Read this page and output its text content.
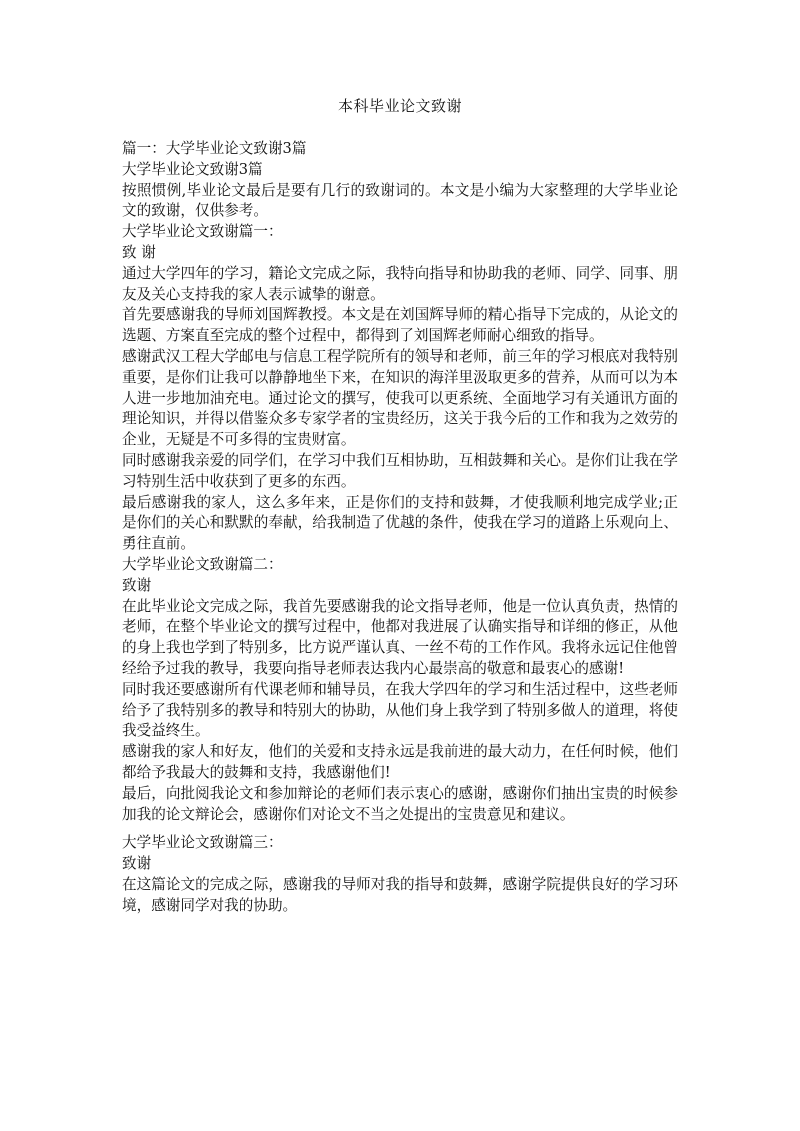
本科毕业论文致谢

篇一：大学毕业论文致谢3篇

大学毕业论文致谢3篇

按照惯例,毕业论文最后是要有几行的致谢词的。本文是小编为大家整理的大学毕业论文的致谢，仅供参考。

大学毕业论文致谢篇一：

致 谢

通过大学四年的学习，籍论文完成之际，我特向指导和协助我的老师、同学、同事、朋友及关心支持我的家人表示诚挚的谢意。

首先要感谢我的导师刘国辉教授。本文是在刘国辉导师的精心指导下完成的，从论文的选题、方案直至完成的整个过程中，都得到了刘国辉老师耐心细致的指导。

感谢武汉工程大学邮电与信息工程学院所有的领导和老师，前三年的学习根底对我特别重要，是你们让我可以静静地坐下来，在知识的海洋里汲取更多的营养，从而可以为本人进一步地加油充电。通过论文的撰写，使我可以更系统、全面地学习有关通讯方面的理论知识，并得以借鉴众多专家学者的宝贵经历，这关于我今后的工作和我为之效劳的企业，无疑是不可多得的宝贵财富。

同时感谢我亲爱的同学们，在学习中我们互相协助，互相鼓舞和关心。是你们让我在学习特别生活中收获到了更多的东西。

最后感谢我的家人，这么多年来，正是你们的支持和鼓舞，才使我顺利地完成学业;正是你们的关心和默默的奉献，给我制造了优越的条件，使我在学习的道路上乐观向上、勇往直前。

大学毕业论文致谢篇二：

致谢

在此毕业论文完成之际，我首先要感谢我的论文指导老师，他是一位认真负责，热情的老师，在整个毕业论文的撰写过程中，他都对我进展了认确实指导和详细的修正，从他的身上我也学到了特别多，比方说严谨认真、一丝不苟的工作作风。我将永远记住他曾经给予过我的教导，我要向指导老师表达我内心最崇高的敬意和最衷心的感谢!

同时我还要感谢所有代课老师和辅导员，在我大学四年的学习和生活过程中，这些老师给予了我特别多的教导和特别大的协助，从他们身上我学到了特别多做人的道理，将使我受益终生。

感谢我的家人和好友，他们的关爱和支持永远是我前进的最大动力，在任何时候，他们都给予我最大的鼓舞和支持，我感谢他们!

最后，向批阅我论文和参加辩论的老师们表示衷心的感谢，感谢你们抽出宝贵的时候参加我的论文辩论会，感谢你们对论文不当之处提出的宝贵意见和建议。

大学毕业论文致谢篇三：

致谢

在这篇论文的完成之际，感谢我的导师对我的指导和鼓舞，感谢学院提供良好的学习环境，感谢同学对我的协助。
